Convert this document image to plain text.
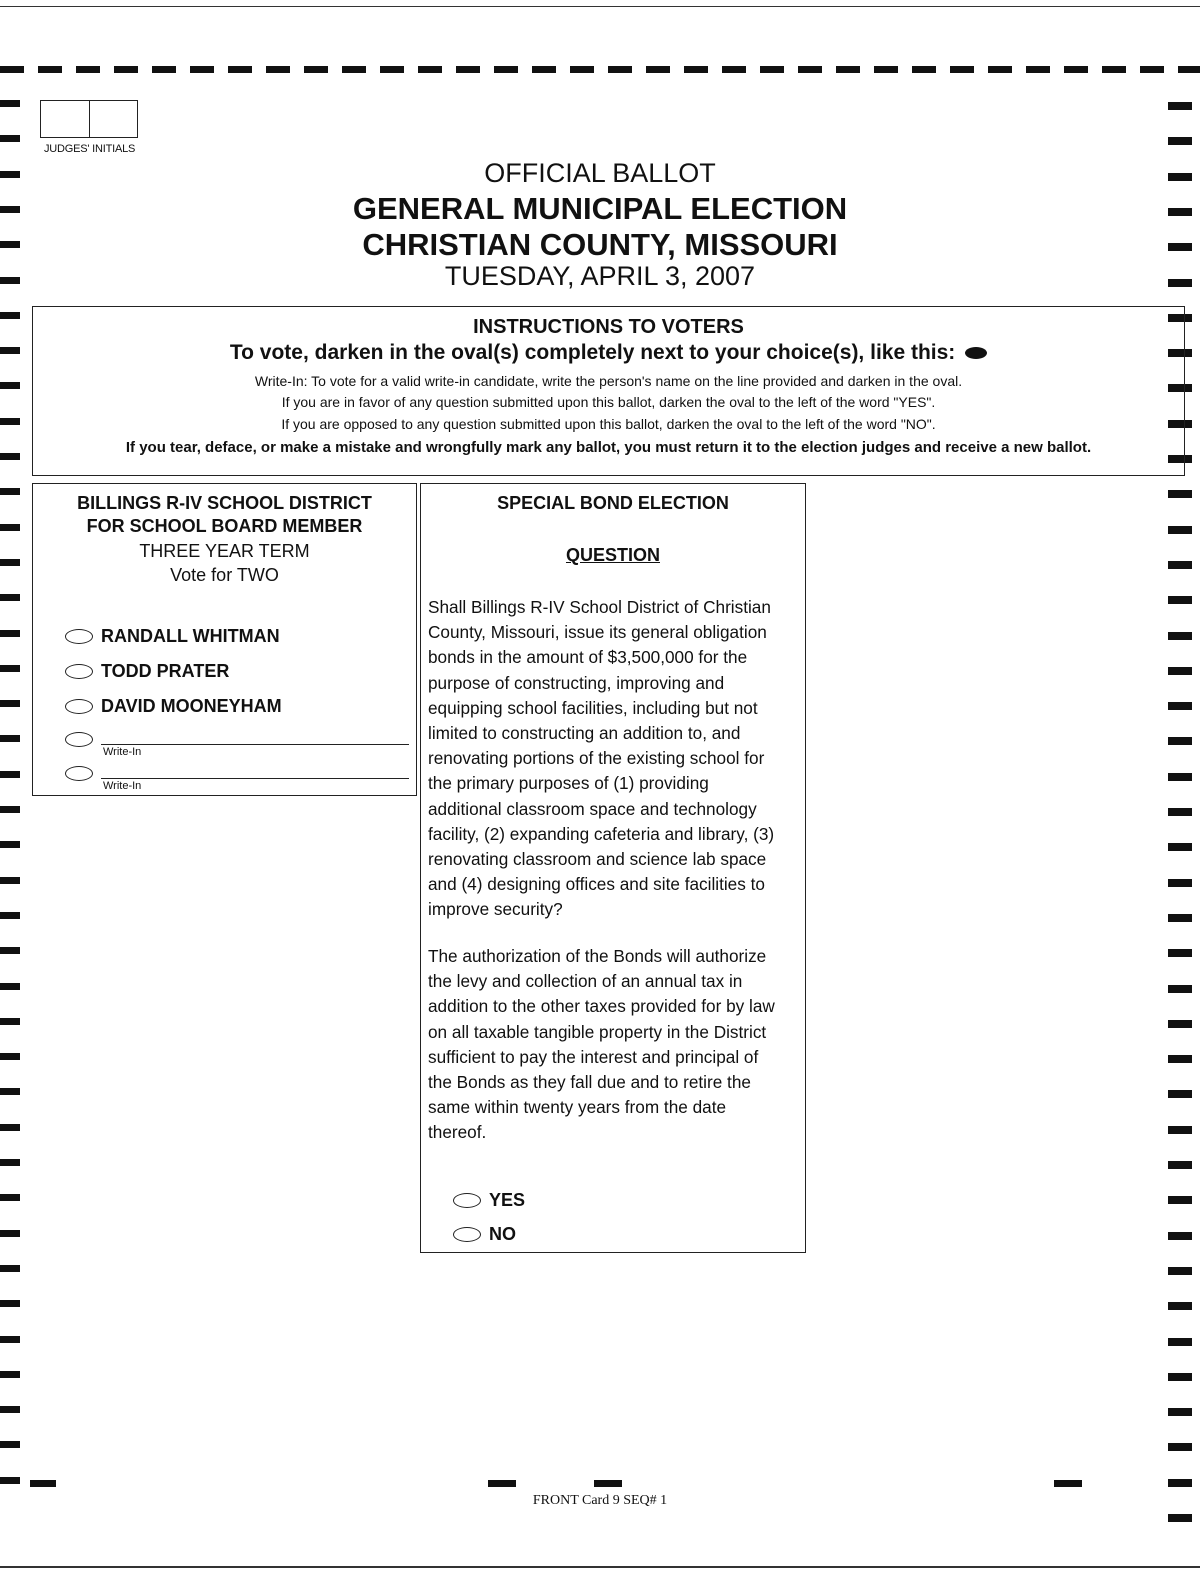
JUDGES' INITIALS
OFFICIAL BALLOT
GENERAL MUNICIPAL ELECTION
CHRISTIAN COUNTY, MISSOURI
TUESDAY, APRIL 3, 2007
INSTRUCTIONS TO VOTERS
To vote, darken in the oval(s) completely next to your choice(s), like this:
Write-In: To vote for a valid write-in candidate, write the person's name on the line provided and darken in the oval.
If you are in favor of any question submitted upon this ballot, darken the oval to the left of the word "YES".
If you are opposed to any question submitted upon this ballot, darken the oval to the left of the word "NO".
If you tear, deface, or make a mistake and wrongfully mark any ballot, you must return it to the election judges and receive a new ballot.
BILLINGS R-IV SCHOOL DISTRICT
FOR SCHOOL BOARD MEMBER
THREE YEAR TERM
Vote for TWO
RANDALL WHITMAN
TODD PRATER
DAVID MOONEYHAM
Write-In
Write-In
SPECIAL BOND ELECTION
QUESTION
Shall Billings R-IV School District of Christian
County, Missouri, issue its general obligation
bonds in the amount of $3,500,000 for the
purpose of constructing, improving and
equipping school facilities, including but not
limited to constructing an addition to, and
renovating portions of the existing school for
the primary purposes of (1) providing
additional classroom space and technology
facility, (2) expanding cafeteria and library, (3)
renovating classroom and science lab space
and (4) designing offices and site facilities to
improve security?
The authorization of the Bonds will authorize
the levy and collection of an annual tax in
addition to the other taxes provided for by law
on all taxable tangible property in the District
sufficient to pay the interest and principal of
the Bonds as they fall due and to retire the
same within twenty years from the date
thereof.
YES
NO
FRONT Card 9 SEQ# 1
